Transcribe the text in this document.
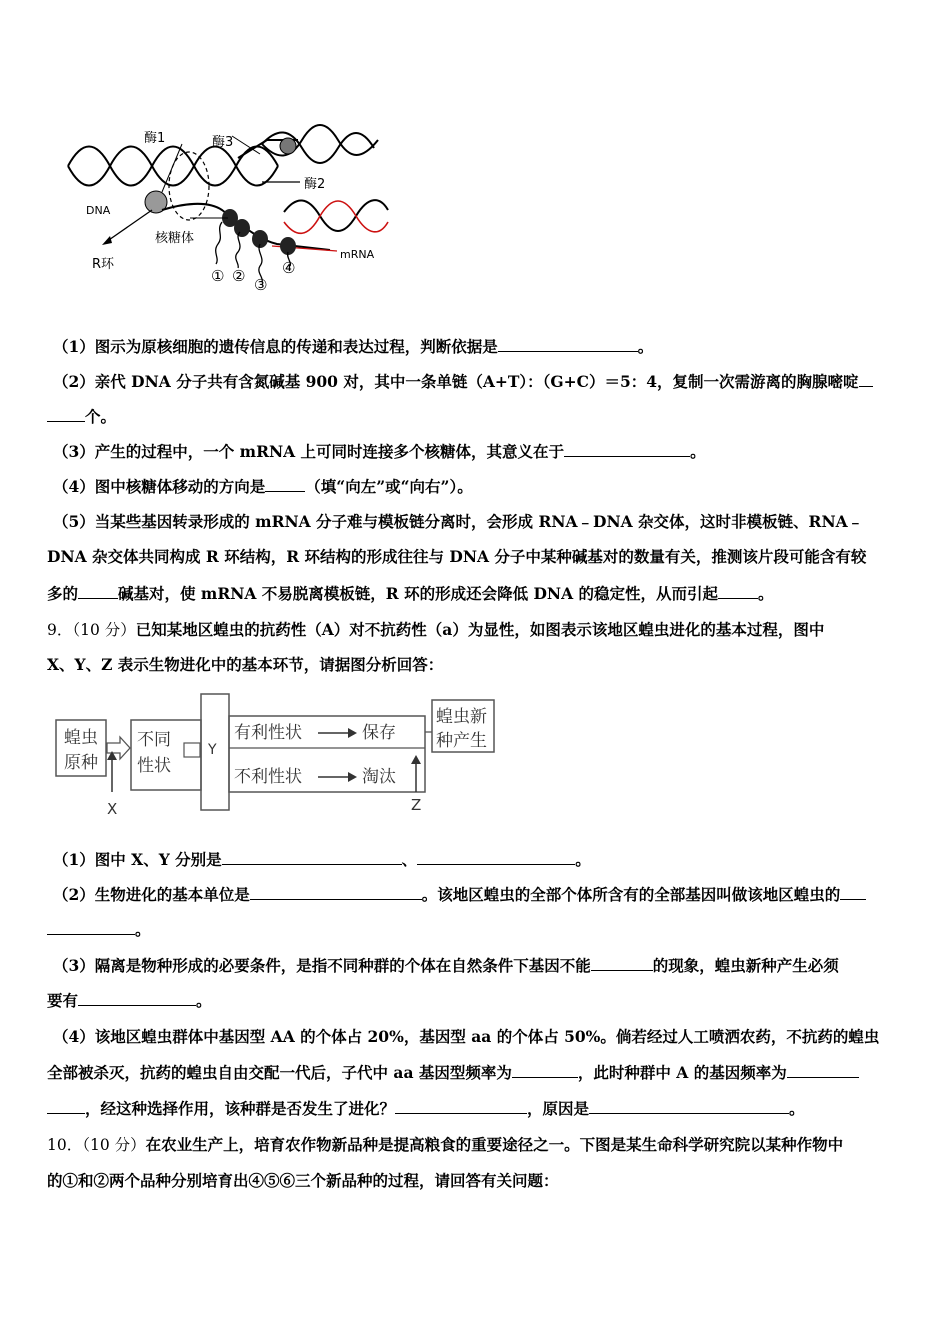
酶1	酶3
酶2
DNA
核糖体
R环
mRNA
① ② ③
④
（1）图示为原核细胞的遗传信息的传递和表达过程，判断依据是	。
（2）亲代 DNA 分子共有含氮碱基 900 对，其中一条单链（A+T）：（G+C）＝5：4，复制一次需游离的胸腺嘧啶
个。
（3）产生的过程中，一个 mRNA 上可同时连接多个核糖体，其意义在于	。
（4）图中核糖体移动的方向是	（填“向左”或“向右”）。
（5）当某些基因转录形成的 mRNA 分子难与模板链分离时，会形成 RNA﹣DNA 杂交体，这时非模板链、RNA﹣
DNA 杂交体共同构成 R 环结构，R 环结构的形成往往与 DNA 分子中某种碱基对的数量有关，推测该片段可能含有较
多的	碱基对，使 mRNA 不易脱离模板链，R 环的形成还会降低 DNA 的稳定性，从而引起	。
9．（10 分）已知某地区蝗虫的抗药性（A）对不抗药性（a）为显性，如图表示该地区蝗虫进化的基本过程，图中
X、Y、Z 表示生物进化中的基本环节，请据图分析回答：
蝗虫
原种
不同
性状
Y
有利性状	保存
不利性状	淘汰
蝗虫新
种产生
X	Z
（1）图中 X、Y 分别是	、	。
（2）生物进化的基本单位是	。该地区蝗虫的全部个体所含有的全部基因叫做该地区蝗虫的
。
（3）隔离是物种形成的必要条件，是指不同种群的个体在自然条件下基因不能	的现象，蝗虫新种产生必须
要有	。
（4）该地区蝗虫群体中基因型 AA 的个体占 20%，基因型 aa 的个体占 50%。倘若经过人工喷洒农药，不抗药的蝗虫
全部被杀灭，抗药的蝗虫自由交配一代后，子代中 aa 基因型频率为	，此时种群中 A 的基因频率为
，经这种选择作用，该种群是否发生了进化？	，原因是	。
10．（10 分）在农业生产上，培育农作物新品种是提高粮食的重要途径之一。下图是某生命科学研究院以某种作物中
的①和②两个品种分别培育出④⑤⑥三个新品种的过程，请回答有关问题：
